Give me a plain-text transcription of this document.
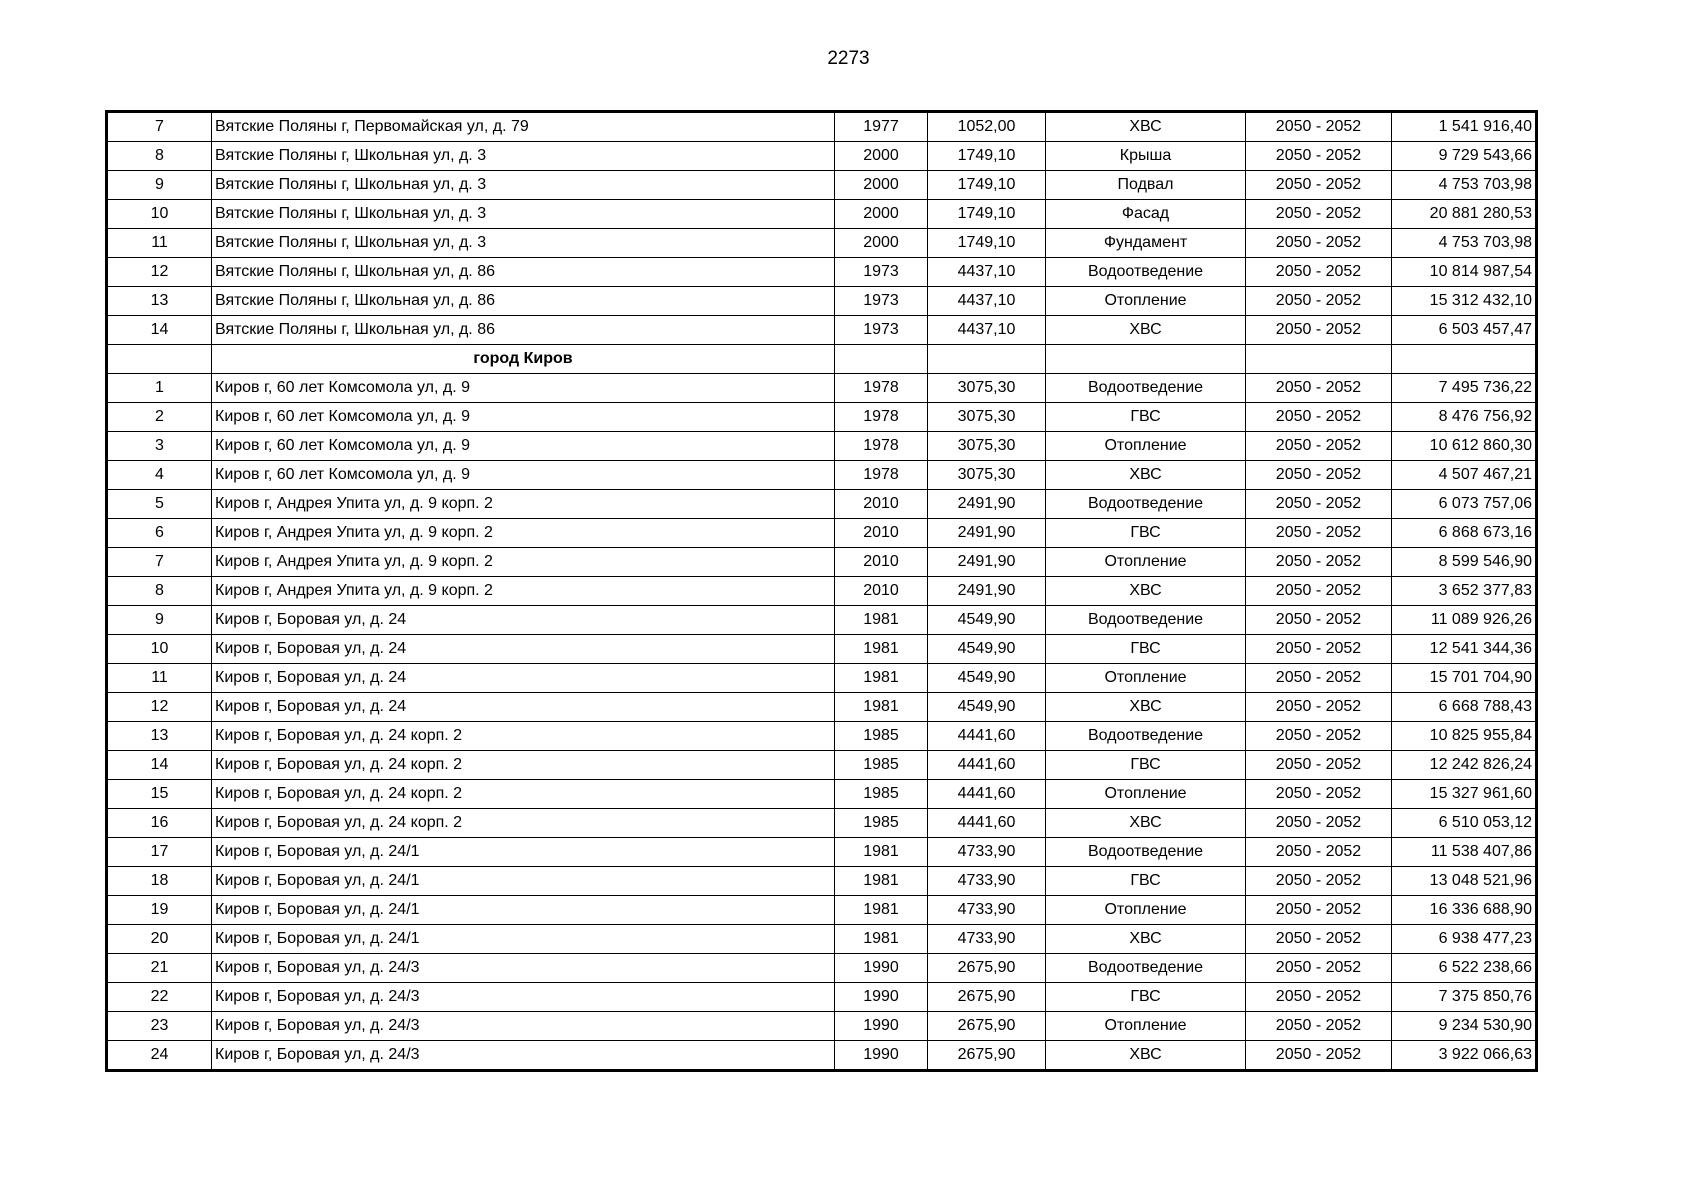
2273
7	Вятские Поляны г, Первомайская ул, д. 79	1977	1052,00	ХВС	2050 - 2052	1 541 916,40
8	Вятские Поляны г, Школьная ул, д. 3	2000	1749,10	Крыша	2050 - 2052	9 729 543,66
9	Вятские Поляны г, Школьная ул, д. 3	2000	1749,10	Подвал	2050 - 2052	4 753 703,98
10	Вятские Поляны г, Школьная ул, д. 3	2000	1749,10	Фасад	2050 - 2052	20 881 280,53
11	Вятские Поляны г, Школьная ул, д. 3	2000	1749,10	Фундамент	2050 - 2052	4 753 703,98
12	Вятские Поляны г, Школьная ул, д. 86	1973	4437,10	Водоотведение	2050 - 2052	10 814 987,54
13	Вятские Поляны г, Школьная ул, д. 86	1973	4437,10	Отопление	2050 - 2052	15 312 432,10
14	Вятские Поляны г, Школьная ул, д. 86	1973	4437,10	ХВС	2050 - 2052	6 503 457,47
	город Киров					
1	Киров г, 60 лет Комсомола ул, д. 9	1978	3075,30	Водоотведение	2050 - 2052	7 495 736,22
2	Киров г, 60 лет Комсомола ул, д. 9	1978	3075,30	ГВС	2050 - 2052	8 476 756,92
3	Киров г, 60 лет Комсомола ул, д. 9	1978	3075,30	Отопление	2050 - 2052	10 612 860,30
4	Киров г, 60 лет Комсомола ул, д. 9	1978	3075,30	ХВС	2050 - 2052	4 507 467,21
5	Киров г, Андрея Упита ул, д. 9 корп. 2	2010	2491,90	Водоотведение	2050 - 2052	6 073 757,06
6	Киров г, Андрея Упита ул, д. 9 корп. 2	2010	2491,90	ГВС	2050 - 2052	6 868 673,16
7	Киров г, Андрея Упита ул, д. 9 корп. 2	2010	2491,90	Отопление	2050 - 2052	8 599 546,90
8	Киров г, Андрея Упита ул, д. 9 корп. 2	2010	2491,90	ХВС	2050 - 2052	3 652 377,83
9	Киров г, Боровая ул, д. 24	1981	4549,90	Водоотведение	2050 - 2052	11 089 926,26
10	Киров г, Боровая ул, д. 24	1981	4549,90	ГВС	2050 - 2052	12 541 344,36
11	Киров г, Боровая ул, д. 24	1981	4549,90	Отопление	2050 - 2052	15 701 704,90
12	Киров г, Боровая ул, д. 24	1981	4549,90	ХВС	2050 - 2052	6 668 788,43
13	Киров г, Боровая ул, д. 24 корп. 2	1985	4441,60	Водоотведение	2050 - 2052	10 825 955,84
14	Киров г, Боровая ул, д. 24 корп. 2	1985	4441,60	ГВС	2050 - 2052	12 242 826,24
15	Киров г, Боровая ул, д. 24 корп. 2	1985	4441,60	Отопление	2050 - 2052	15 327 961,60
16	Киров г, Боровая ул, д. 24 корп. 2	1985	4441,60	ХВС	2050 - 2052	6 510 053,12
17	Киров г, Боровая ул, д. 24/1	1981	4733,90	Водоотведение	2050 - 2052	11 538 407,86
18	Киров г, Боровая ул, д. 24/1	1981	4733,90	ГВС	2050 - 2052	13 048 521,96
19	Киров г, Боровая ул, д. 24/1	1981	4733,90	Отопление	2050 - 2052	16 336 688,90
20	Киров г, Боровая ул, д. 24/1	1981	4733,90	ХВС	2050 - 2052	6 938 477,23
21	Киров г, Боровая ул, д. 24/3	1990	2675,90	Водоотведение	2050 - 2052	6 522 238,66
22	Киров г, Боровая ул, д. 24/3	1990	2675,90	ГВС	2050 - 2052	7 375 850,76
23	Киров г, Боровая ул, д. 24/3	1990	2675,90	Отопление	2050 - 2052	9 234 530,90
24	Киров г, Боровая ул, д. 24/3	1990	2675,90	ХВС	2050 - 2052	3 922 066,63
